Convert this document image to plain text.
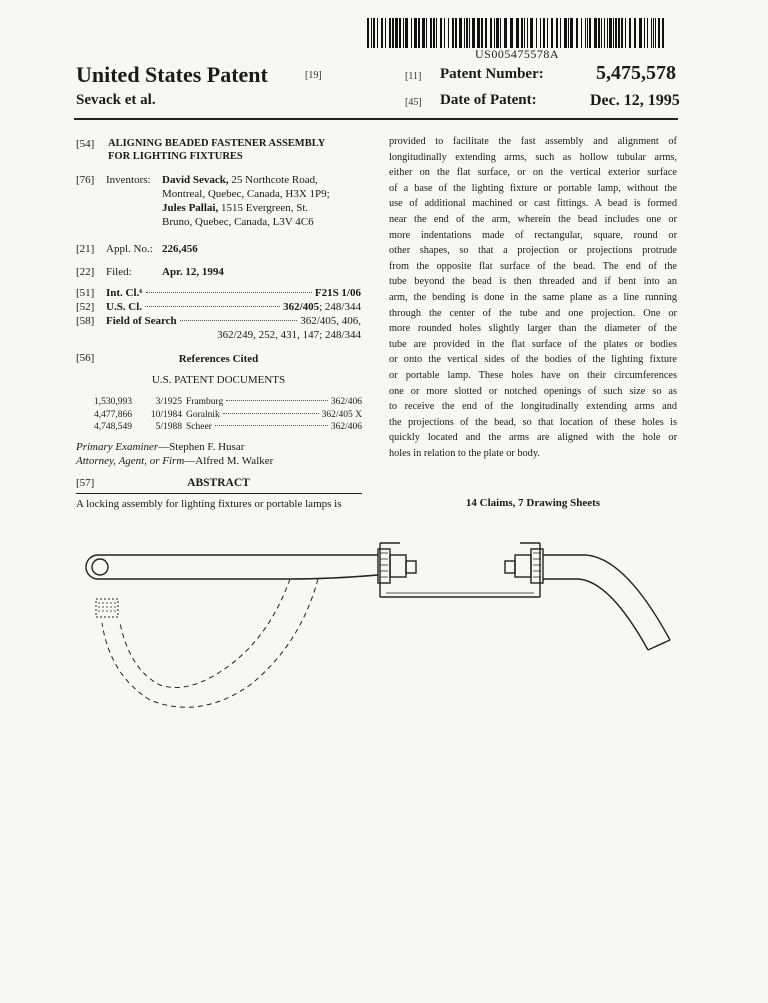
US005475578A
United States Patent	[19]
Sevack et al.
[11] Patent Number:	5,475,578
[45] Date of Patent:	Dec. 12, 1995
[54] ALIGNING BEADED FASTENER ASSEMBLY
FOR LIGHTING FIXTURES
[76] Inventors: David Sevack, 25 Northcote Road,
Montreal, Quebec, Canada, H3X 1P9;
Jules Pallai, 1515 Evergreen, St.
Bruno, Quebec, Canada, L3V 4C6
[21] Appl. No.: 226,456
[22] Filed:	Apr. 12, 1994
[51] Int. Cl.⁶	F21S 1/06
[52] U.S. Cl.	362/405; 248/344
[58] Field of Search	362/405, 406,
362/249, 252, 431, 147; 248/344
[56]	References Cited
U.S. PATENT DOCUMENTS
1,530,993	3/1925 Framburg	362/406
4,477,866	10/1984 Goralnik	362/405 X
4,748,549	5/1988 Scheer	362/406
Primary Examiner—Stephen F. Husar
Attorney, Agent, or Firm—Alfred M. Walker
[57]	ABSTRACT
A locking assembly for lighting fixtures or portable lamps is
provided to facilitate the fast assembly and alignment of
longitudinally extending arms, such as hollow tubular arms,
either on the flat surface, or on the vertical exterior surface
of a base of the lighting fixture or portable lamp, without the
use of additional machined or cast fittings. A bead is formed
near the end of the arm, wherein the bead includes one or
more indentations made of rectangular, square, round or
other shapes, so that a projection or projections protrude
from the opposite flat surface of the bead. The end of the
tube beyond the bead is then threaded and if bent into an
arm, the bending is done in the same plane as a line running
through the center of the tube and one projection. One or
more rounded holes slightly larger than the diameter of the
tube are provided in the flat surface of the plates or bodies
or onto the vertical sides of the bodies of the lighting fixture
or portable lamp. These holes have on their circumferences
one or more slotted or notched openings of such size so as
to receive the end of the longitudinally extending arms and
the projections of the bead, so that location of these holes is
quickly located and the arms are aligned with the hole or
holes in relation to the plate or body.
14 Claims, 7 Drawing Sheets
